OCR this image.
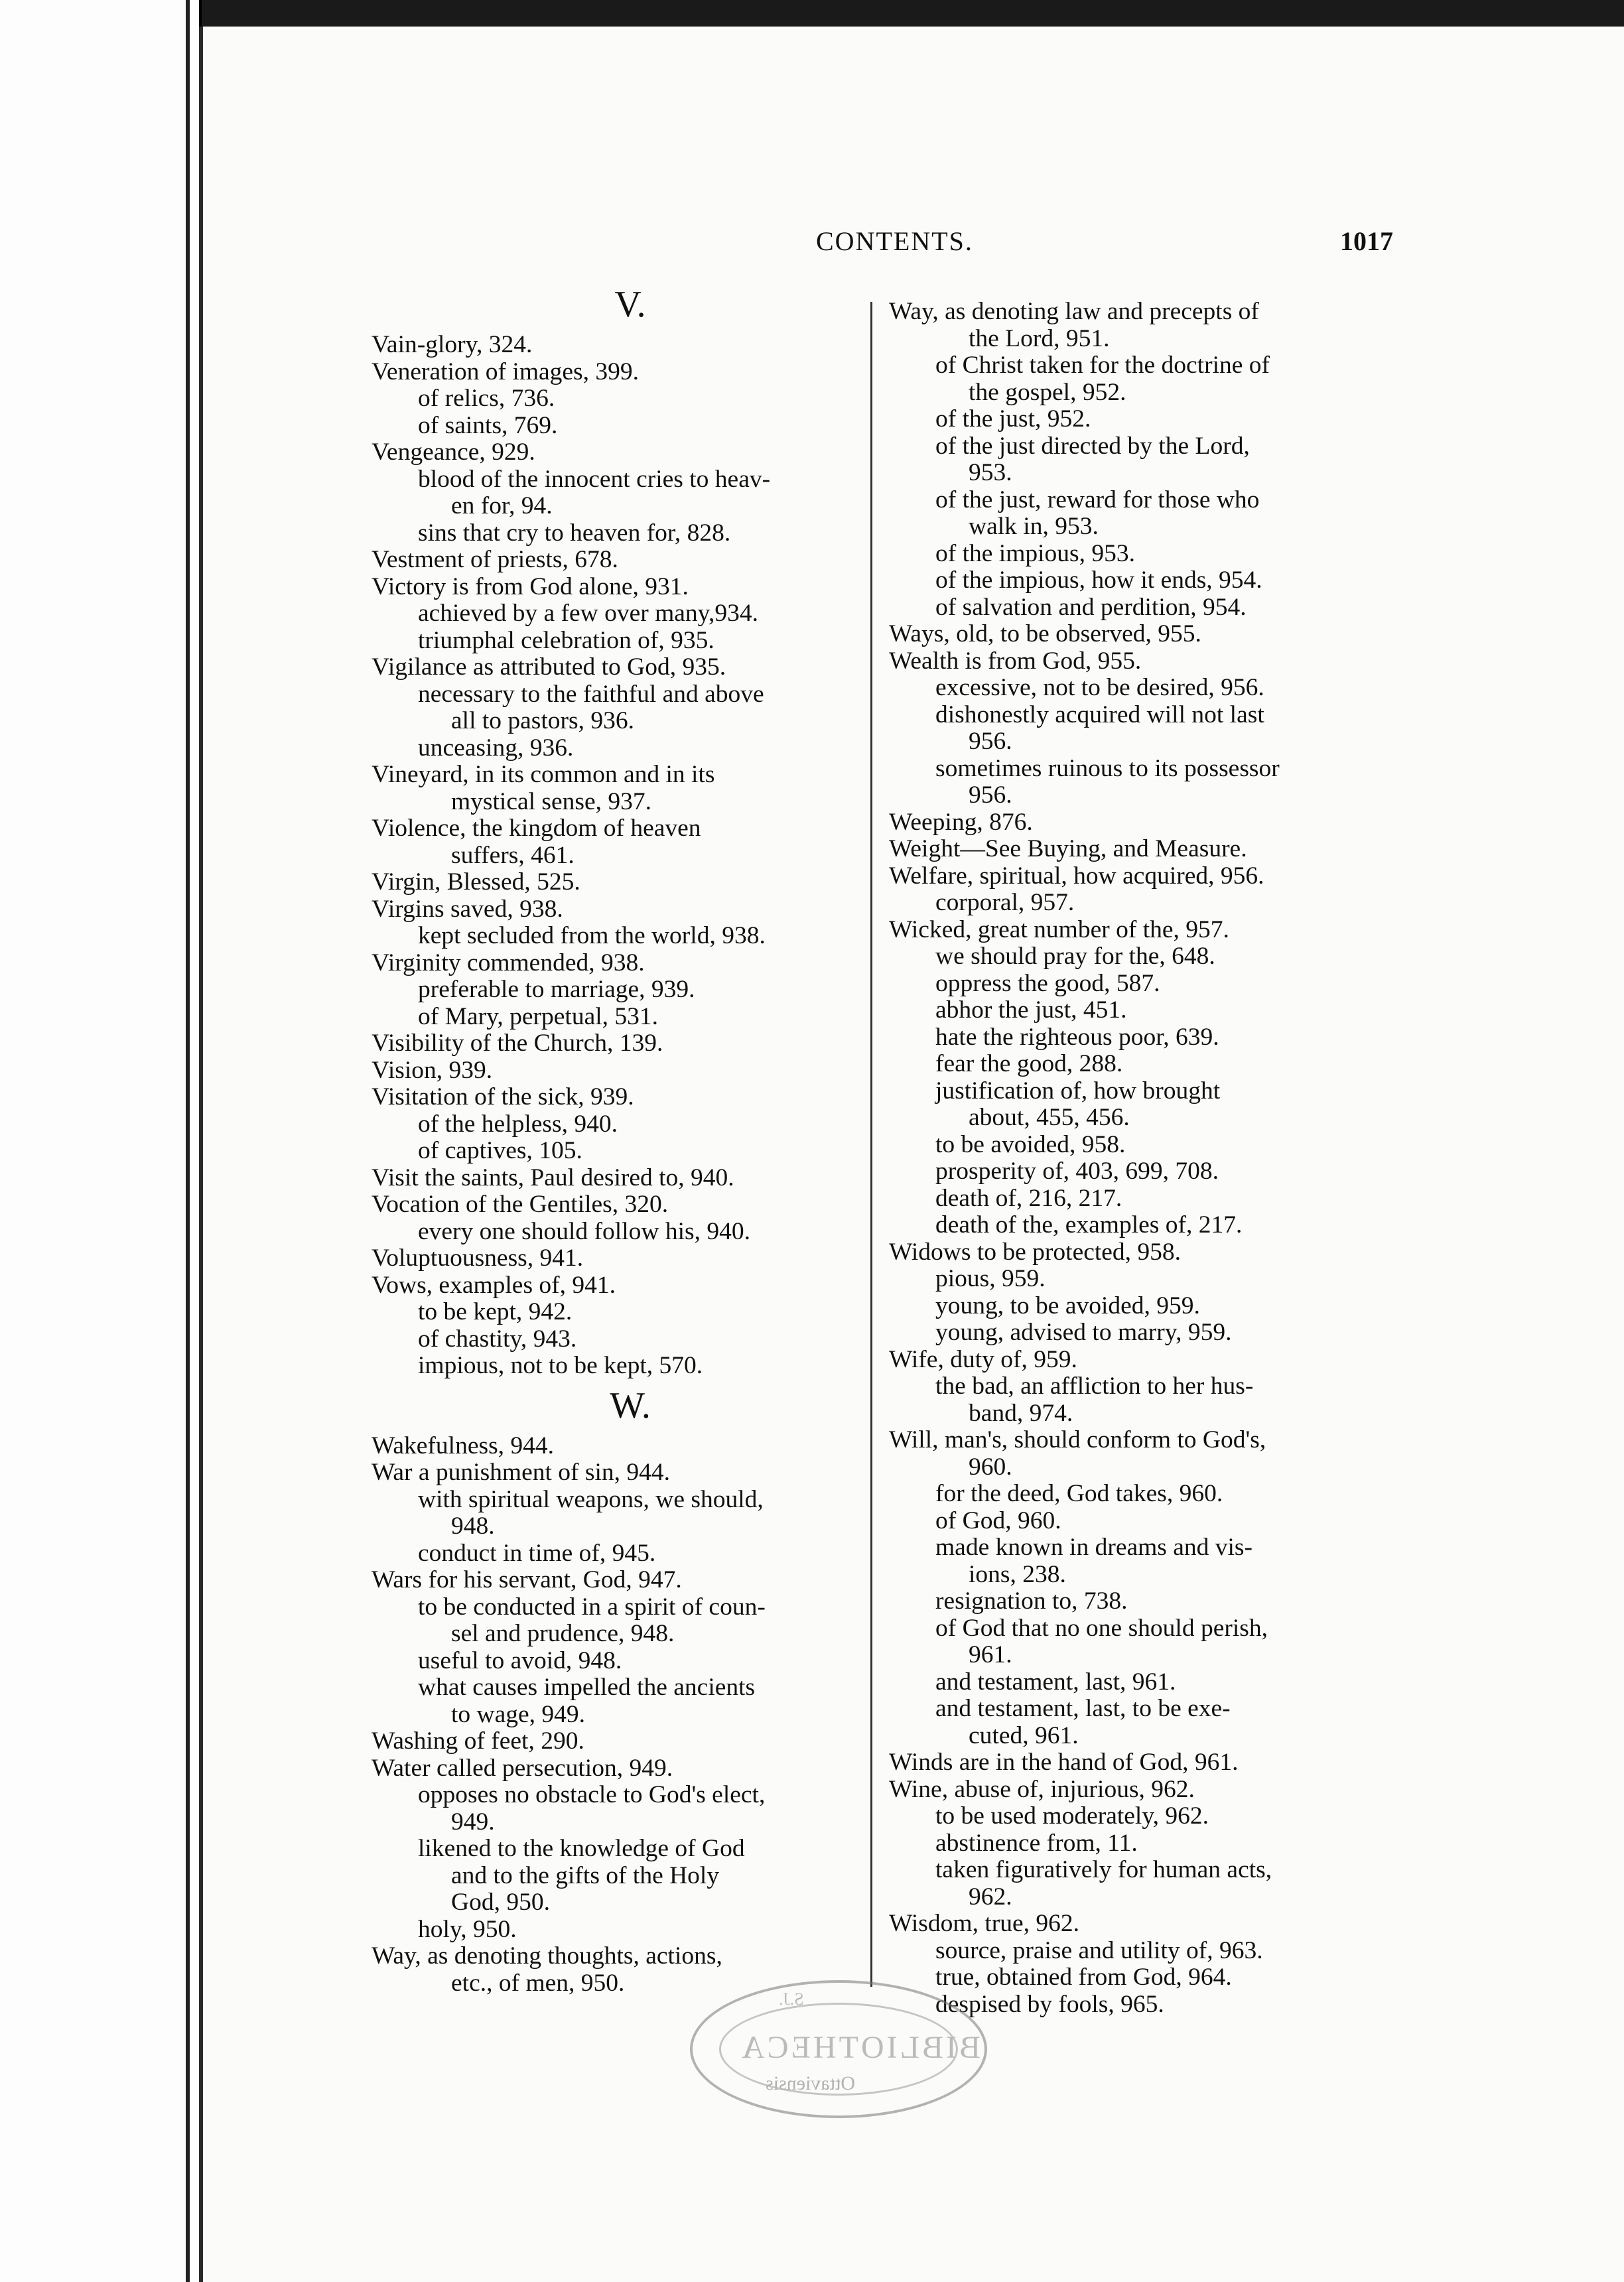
CONTENTS.	1017
V.
Vain-glory, 324.
Veneration of images, 399.
of relics, 736.
of saints, 769.
Vengeance, 929.
blood of the innocent cries to heav-
en for, 94.
sins that cry to heaven for, 828.
Vestment of priests, 678.
Victory is from God alone, 931.
achieved by a few over many,934.
triumphal celebration of, 935.
Vigilance as attributed to God, 935.
necessary to the faithful and above
all to pastors, 936.
unceasing, 936.
Vineyard, in its common and in its
mystical sense, 937.
Violence, the kingdom of heaven
suffers, 461.
Virgin, Blessed, 525.
Virgins saved, 938.
kept secluded from the world, 938.
Virginity commended, 938.
preferable to marriage, 939.
of Mary, perpetual, 531.
Visibility of the Church, 139.
Vision, 939.
Visitation of the sick, 939.
of the helpless, 940.
of captives, 105.
Visit the saints, Paul desired to, 940.
Vocation of the Gentiles, 320.
every one should follow his, 940.
Voluptuousness, 941.
Vows, examples of, 941.
to be kept, 942.
of chastity, 943.
impious, not to be kept, 570.
W.
Wakefulness, 944.
War a punishment of sin, 944.
with spiritual weapons, we should,
948.
conduct in time of, 945.
Wars for his servant, God, 947.
to be conducted in a spirit of coun-
sel and prudence, 948.
useful to avoid, 948.
what causes impelled the ancients
to wage, 949.
Washing of feet, 290.
Water called persecution, 949.
opposes no obstacle to God's elect,
949.
likened to the knowledge of God
and to the gifts of the Holy
God, 950.
holy, 950.
Way, as denoting thoughts, actions,
etc., of men, 950.
Way, as denoting law and precepts of
the Lord, 951.
of Christ taken for the doctrine of
the gospel, 952.
of the just, 952.
of the just directed by the Lord,
953.
of the just, reward for those who
walk in, 953.
of the impious, 953.
of the impious, how it ends, 954.
of salvation and perdition, 954.
Ways, old, to be observed, 955.
Wealth is from God, 955.
excessive, not to be desired, 956.
dishonestly acquired will not last
956.
sometimes ruinous to its possessor
956.
Weeping, 876.
Weight—See Buying, and Measure.
Welfare, spiritual, how acquired, 956.
corporal, 957.
Wicked, great number of the, 957.
we should pray for the, 648.
oppress the good, 587.
abhor the just, 451.
hate the righteous poor, 639.
fear the good, 288.
justification of, how brought
about, 455, 456.
to be avoided, 958.
prosperity of, 403, 699, 708.
death of, 216, 217.
death of the, examples of, 217.
Widows to be protected, 958.
pious, 959.
young, to be avoided, 959.
young, advised to marry, 959.
Wife, duty of, 959.
the bad, an affliction to her hus-
band, 974.
Will, man's, should conform to God's,
960.
for the deed, God takes, 960.
of God, 960.
made known in dreams and vis-
ions, 238.
resignation to, 738.
of God that no one should perish,
961.
and testament, last, 961.
and testament, last, to be exe-
cuted, 961.
Winds are in the hand of God, 961.
Wine, abuse of, injurious, 962.
to be used moderately, 962.
abstinence from, 11.
taken figuratively for human acts,
962.
Wisdom, true, 962.
source, praise and utility of, 963.
true, obtained from God, 964.
despised by fools, 965.
S.J.
BIBLIOTHECA
Ottaviensis
